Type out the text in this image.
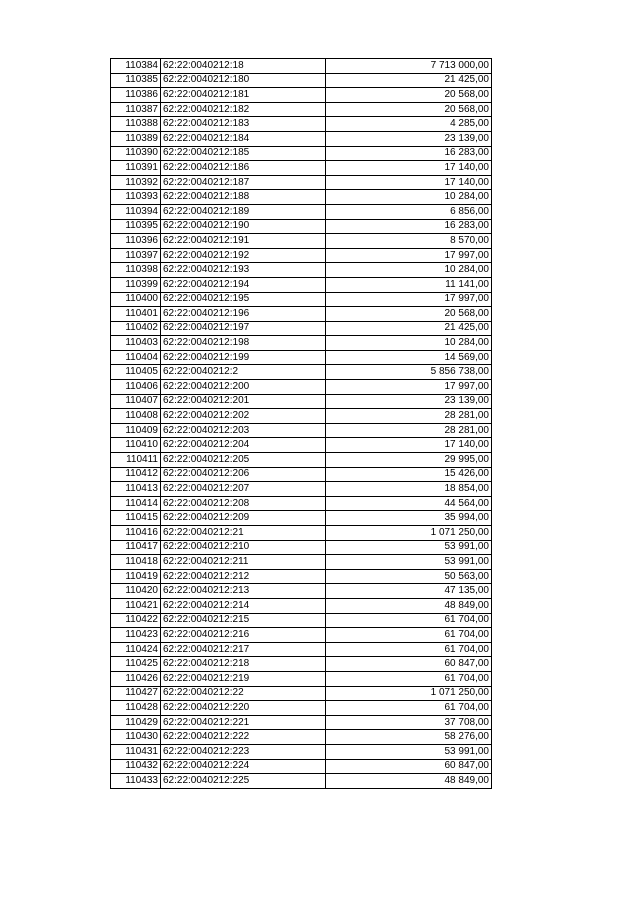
110384	62:22:0040212:18	7 713 000,00
110385	62:22:0040212:180	21 425,00
110386	62:22:0040212:181	20 568,00
110387	62:22:0040212:182	20 568,00
110388	62:22:0040212:183	4 285,00
110389	62:22:0040212:184	23 139,00
110390	62:22:0040212:185	16 283,00
110391	62:22:0040212:186	17 140,00
110392	62:22:0040212:187	17 140,00
110393	62:22:0040212:188	10 284,00
110394	62:22:0040212:189	6 856,00
110395	62:22:0040212:190	16 283,00
110396	62:22:0040212:191	8 570,00
110397	62:22:0040212:192	17 997,00
110398	62:22:0040212:193	10 284,00
110399	62:22:0040212:194	11 141,00
110400	62:22:0040212:195	17 997,00
110401	62:22:0040212:196	20 568,00
110402	62:22:0040212:197	21 425,00
110403	62:22:0040212:198	10 284,00
110404	62:22:0040212:199	14 569,00
110405	62:22:0040212:2	5 856 738,00
110406	62:22:0040212:200	17 997,00
110407	62:22:0040212:201	23 139,00
110408	62:22:0040212:202	28 281,00
110409	62:22:0040212:203	28 281,00
110410	62:22:0040212:204	17 140,00
110411	62:22:0040212:205	29 995,00
110412	62:22:0040212:206	15 426,00
110413	62:22:0040212:207	18 854,00
110414	62:22:0040212:208	44 564,00
110415	62:22:0040212:209	35 994,00
110416	62:22:0040212:21	1 071 250,00
110417	62:22:0040212:210	53 991,00
110418	62:22:0040212:211	53 991,00
110419	62:22:0040212:212	50 563,00
110420	62:22:0040212:213	47 135,00
110421	62:22:0040212:214	48 849,00
110422	62:22:0040212:215	61 704,00
110423	62:22:0040212:216	61 704,00
110424	62:22:0040212:217	61 704,00
110425	62:22:0040212:218	60 847,00
110426	62:22:0040212:219	61 704,00
110427	62:22:0040212:22	1 071 250,00
110428	62:22:0040212:220	61 704,00
110429	62:22:0040212:221	37 708,00
110430	62:22:0040212:222	58 276,00
110431	62:22:0040212:223	53 991,00
110432	62:22:0040212:224	60 847,00
110433	62:22:0040212:225	48 849,00
